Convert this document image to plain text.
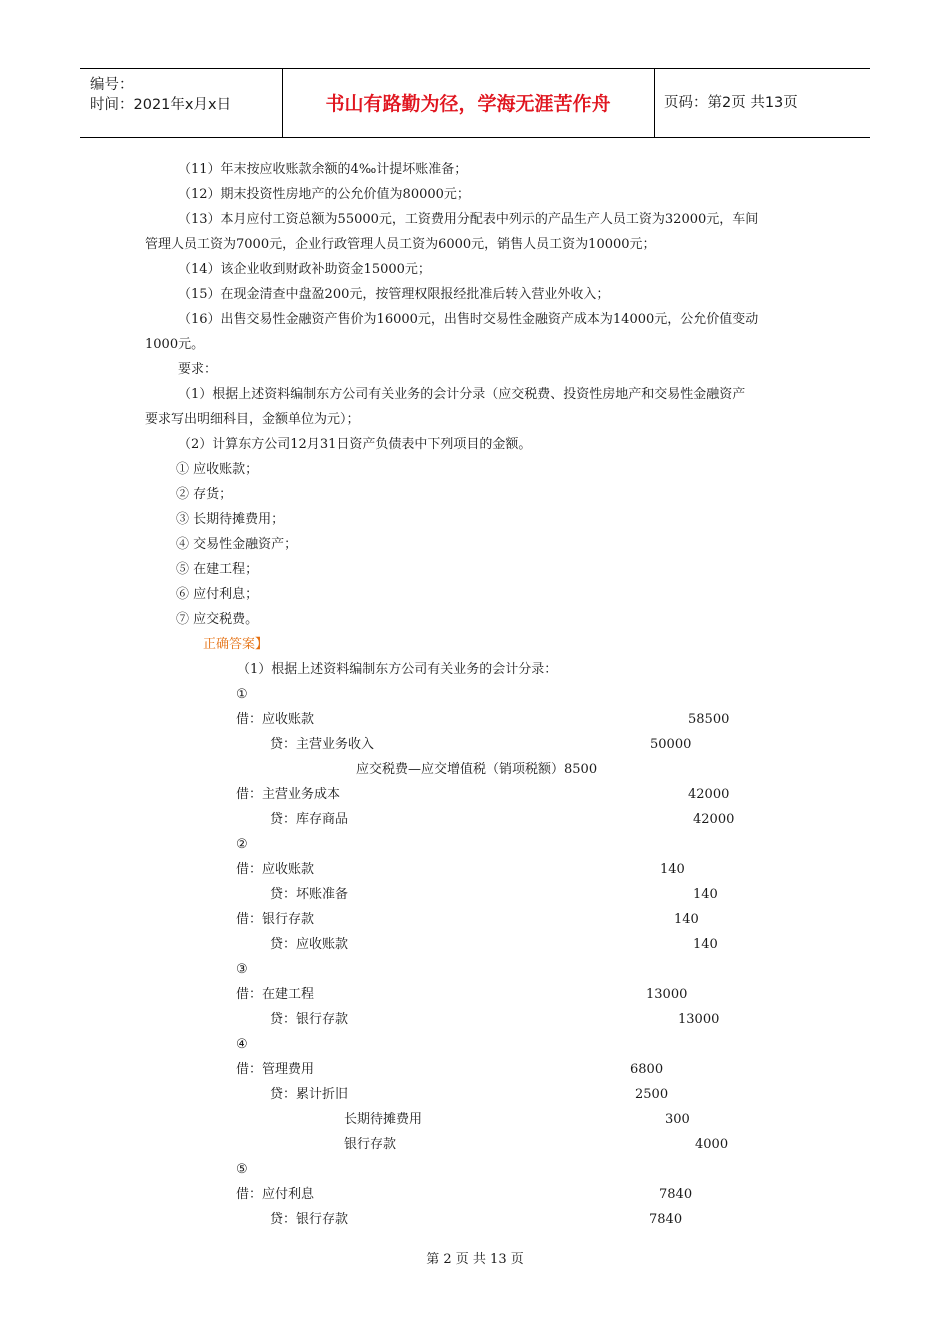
编号：
时间：2021年x月x日	书山有路勤为径，学海无涯苦作舟	页码：第2页 共13页
（11）年末按应收账款余额的4‰计提坏账准备；
（12）期末投资性房地产的公允价值为80000元；
（13）本月应付工资总额为55000元，工资费用分配表中列示的产品生产人员工资为32000元，车间
管理人员工资为7000元，企业行政管理人员工资为6000元，销售人员工资为10000元；
（14）该企业收到财政补助资金15000元；
（15）在现金清查中盘盈200元，按管理权限报经批准后转入营业外收入；
（16）出售交易性金融资产售价为16000元，出售时交易性金融资产成本为14000元，公允价值变动
1000元。
要求：
（1）根据上述资料编制东方公司有关业务的会计分录（应交税费、投资性房地产和交易性金融资产
要求写出明细科目，金额单位为元）；
（2）计算东方公司12月31日资产负债表中下列项目的金额。
① 应收账款；
② 存货；
③ 长期待摊费用；
④ 交易性金融资产；
⑤ 在建工程；
⑥ 应付利息；
⑦ 应交税费。
正确答案】
（1）根据上述资料编制东方公司有关业务的会计分录：
①
借：应收账款	58500
贷：主营业务收入	50000
应交税费—应交增值税（销项税额）8500
借：主营业务成本	42000
贷：库存商品	42000
②
借：应收账款	140
贷：坏账准备	140
借：银行存款	140
贷：应收账款	140
③
借：在建工程	13000
贷：银行存款	13000
④
借：管理费用	6800
贷：累计折旧	2500
长期待摊费用	300
银行存款	4000
⑤
借：应付利息	7840
贷：银行存款	7840
第 2 页 共 13 页
